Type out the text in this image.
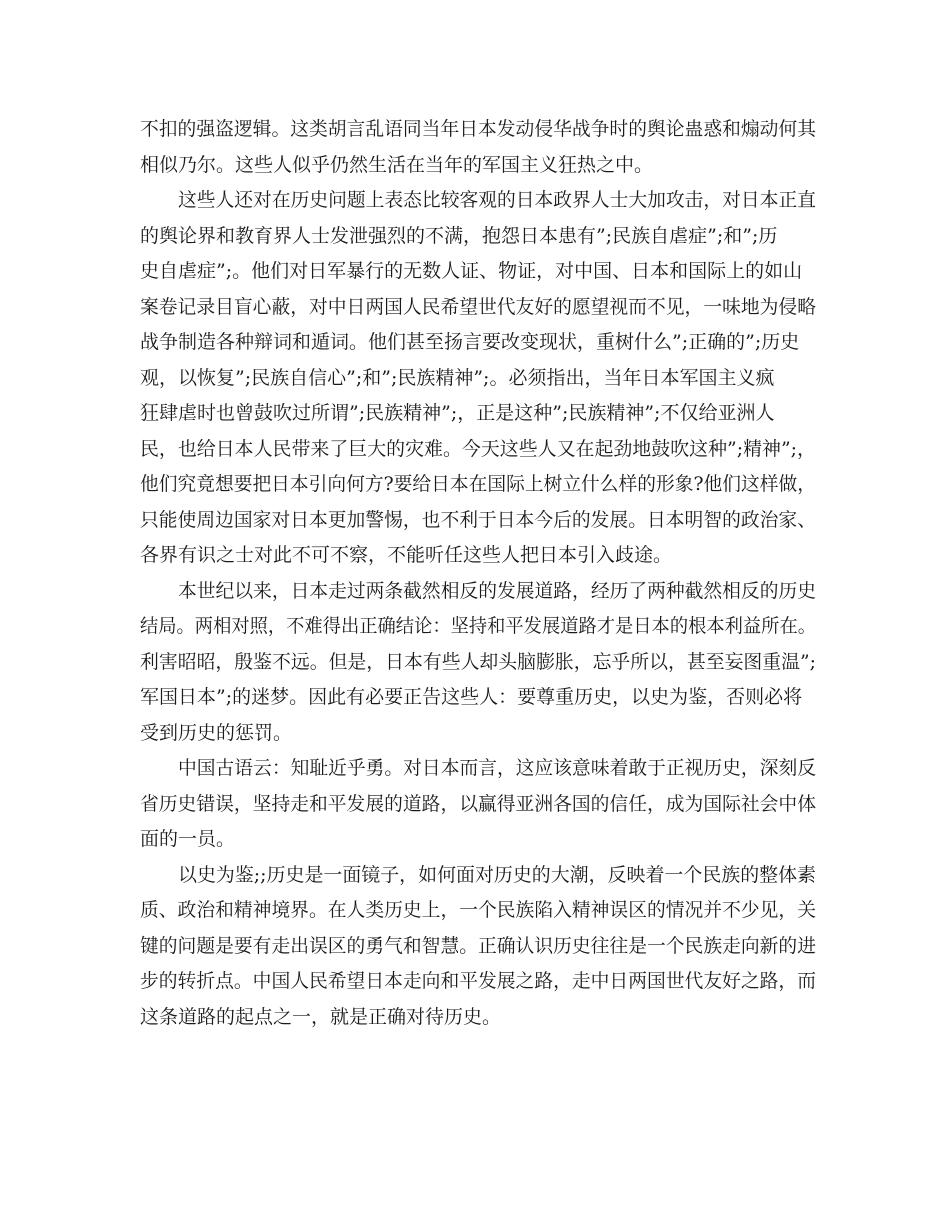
不扣的强盗逻辑。这类胡言乱语同当年日本发动侵华战争时的舆论蛊惑和煽动何其
相似乃尔。这些人似乎仍然生活在当年的军国主义狂热之中。
这些人还对在历史问题上表态比较客观的日本政界人士大加攻击，对日本正直
的舆论界和教育界人士发泄强烈的不满，抱怨日本患有”;民族自虐症”;和”;历
史自虐症”;。他们对日军暴行的无数人证、物证，对中国、日本和国际上的如山
案卷记录目盲心蔽，对中日两国人民希望世代友好的愿望视而不见，一味地为侵略
战争制造各种辩词和遁词。他们甚至扬言要改变现状，重树什么”;正确的”;历史
观，以恢复”;民族自信心”;和”;民族精神”;。必须指出，当年日本军国主义疯
狂肆虐时也曾鼓吹过所谓”;民族精神”;，正是这种”;民族精神”;不仅给亚洲人
民，也给日本人民带来了巨大的灾难。今天这些人又在起劲地鼓吹这种”;精神”;，
他们究竟想要把日本引向何方?要给日本在国际上树立什么样的形象?他们这样做，
只能使周边国家对日本更加警惕，也不利于日本今后的发展。日本明智的政治家、
各界有识之士对此不可不察，不能听任这些人把日本引入歧途。
本世纪以来，日本走过两条截然相反的发展道路，经历了两种截然相反的历史
结局。两相对照，不难得出正确结论：坚持和平发展道路才是日本的根本利益所在。
利害昭昭，殷鉴不远。但是，日本有些人却头脑膨胀，忘乎所以，甚至妄图重温”;
军国日本”;的迷梦。因此有必要正告这些人：要尊重历史，以史为鉴，否则必将
受到历史的惩罚。
中国古语云：知耻近乎勇。对日本而言，这应该意味着敢于正视历史，深刻反
省历史错误，坚持走和平发展的道路，以赢得亚洲各国的信任，成为国际社会中体
面的一员。
以史为鉴;;历史是一面镜子，如何面对历史的大潮，反映着一个民族的整体素
质、政治和精神境界。在人类历史上，一个民族陷入精神误区的情况并不少见，关
键的问题是要有走出误区的勇气和智慧。正确认识历史往往是一个民族走向新的进
步的转折点。中国人民希望日本走向和平发展之路，走中日两国世代友好之路，而
这条道路的起点之一，就是正确对待历史。
